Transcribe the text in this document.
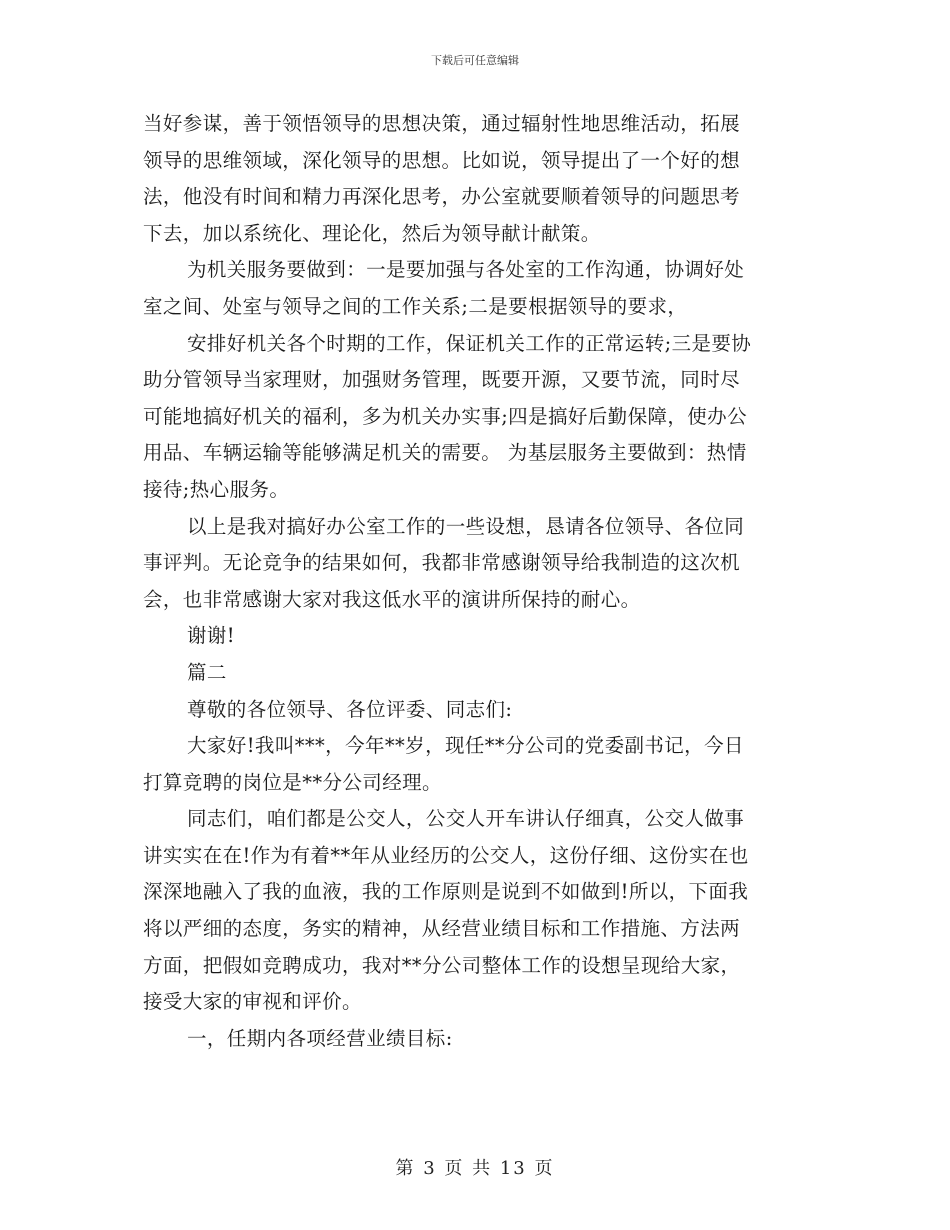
下载后可任意编辑
当好参谋，善于领悟领导的思想决策，通过辐射性地思维活动，拓展
领导的思维领域，深化领导的思想。比如说，领导提出了一个好的想
法，他没有时间和精力再深化思考，办公室就要顺着领导的问题思考
下去，加以系统化、理论化，然后为领导献计献策。
为机关服务要做到：一是要加强与各处室的工作沟通，协调好处
室之间、处室与领导之间的工作关系;二是要根据领导的要求，
安排好机关各个时期的工作，保证机关工作的正常运转;三是要协
助分管领导当家理财，加强财务管理，既要开源，又要节流，同时尽
可能地搞好机关的福利，多为机关办实事;四是搞好后勤保障，使办公
用品、车辆运输等能够满足机关的需要。 为基层服务主要做到：热情
接待;热心服务。
以上是我对搞好办公室工作的一些设想，恳请各位领导、各位同
事评判。无论竞争的结果如何，我都非常感谢领导给我制造的这次机
会，也非常感谢大家对我这低水平的演讲所保持的耐心。
谢谢!
篇二
尊敬的各位领导、各位评委、同志们:
大家好!我叫***，今年**岁，现任**分公司的党委副书记，今日
打算竞聘的岗位是**分公司经理。
同志们，咱们都是公交人，公交人开车讲认仔细真，公交人做事
讲实实在在!作为有着**年从业经历的公交人，这份仔细、这份实在也
深深地融入了我的血液，我的工作原则是说到不如做到!所以，下面我
将以严细的态度，务实的精神，从经营业绩目标和工作措施、方法两
方面，把假如竞聘成功，我对**分公司整体工作的设想呈现给大家，
接受大家的审视和评价。
一，任期内各项经营业绩目标:
第 3 页 共 13 页
